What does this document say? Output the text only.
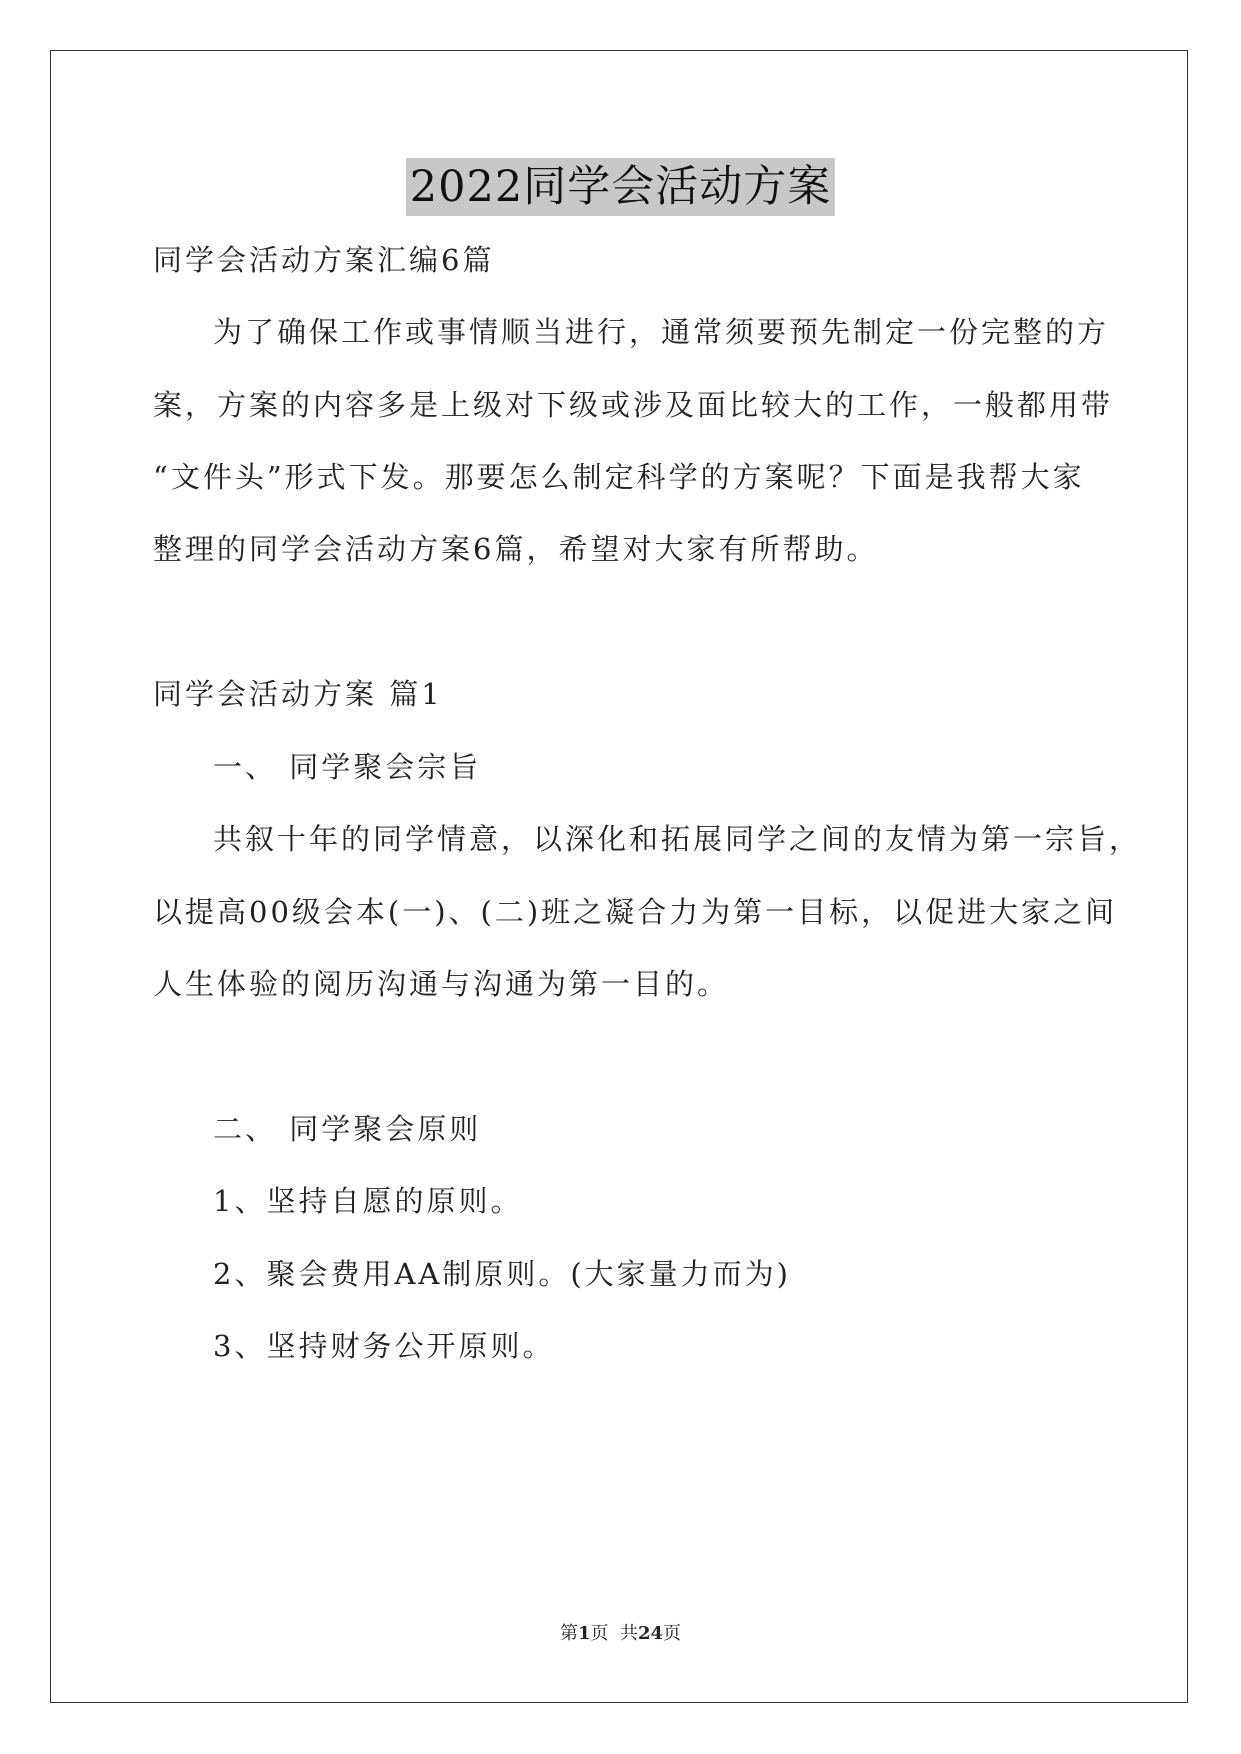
2022同学会活动方案
同学会活动方案汇编6篇
为了确保工作或事情顺当进行，通常须要预先制定一份完整的方
案，方案的内容多是上级对下级或涉及面比较大的工作，一般都用带
“文件头”形式下发。那要怎么制定科学的方案呢？下面是我帮大家
整理的同学会活动方案6篇，希望对大家有所帮助。
同学会活动方案 篇1
一、 同学聚会宗旨
共叙十年的同学情意，以深化和拓展同学之间的友情为第一宗旨，
以提高00级会本(一)、(二)班之凝合力为第一目标，以促进大家之间
人生体验的阅历沟通与沟通为第一目的。
二、 同学聚会原则
1、坚持自愿的原则。
2、聚会费用AA制原则。(大家量力而为)
3、坚持财务公开原则。
第1页  共24页
